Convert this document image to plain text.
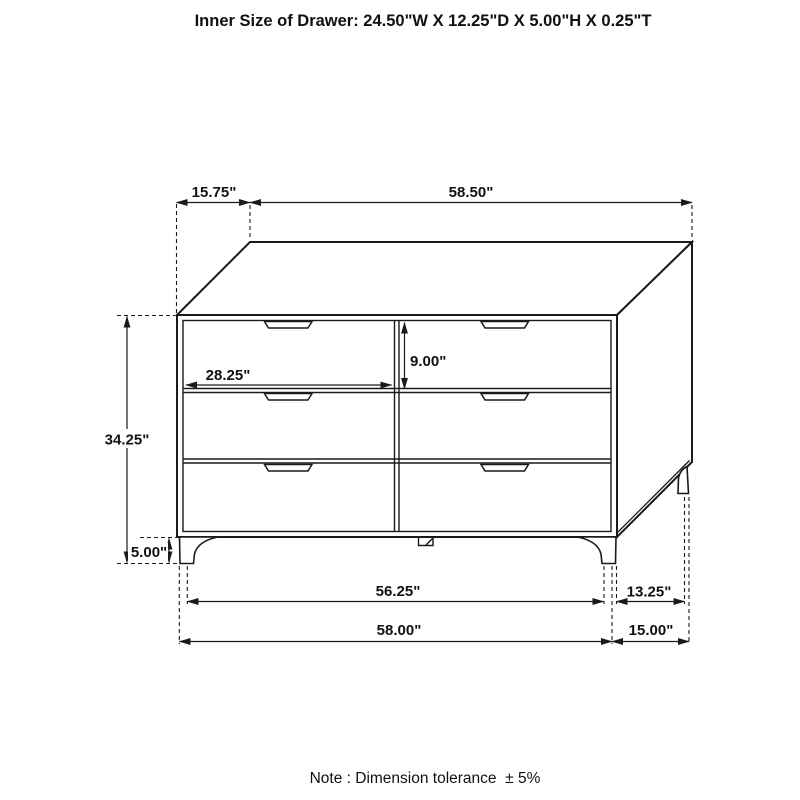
Inner Size of Drawer: 24.50"W X 12.25"D X 5.00"H X 0.25"T
15.75"	58.50"
28.25"
9.00"
34.25"
5.00"
56.25"	13.25"
58.00"	15.00"
Note : Dimension tolerance  ± 5%
